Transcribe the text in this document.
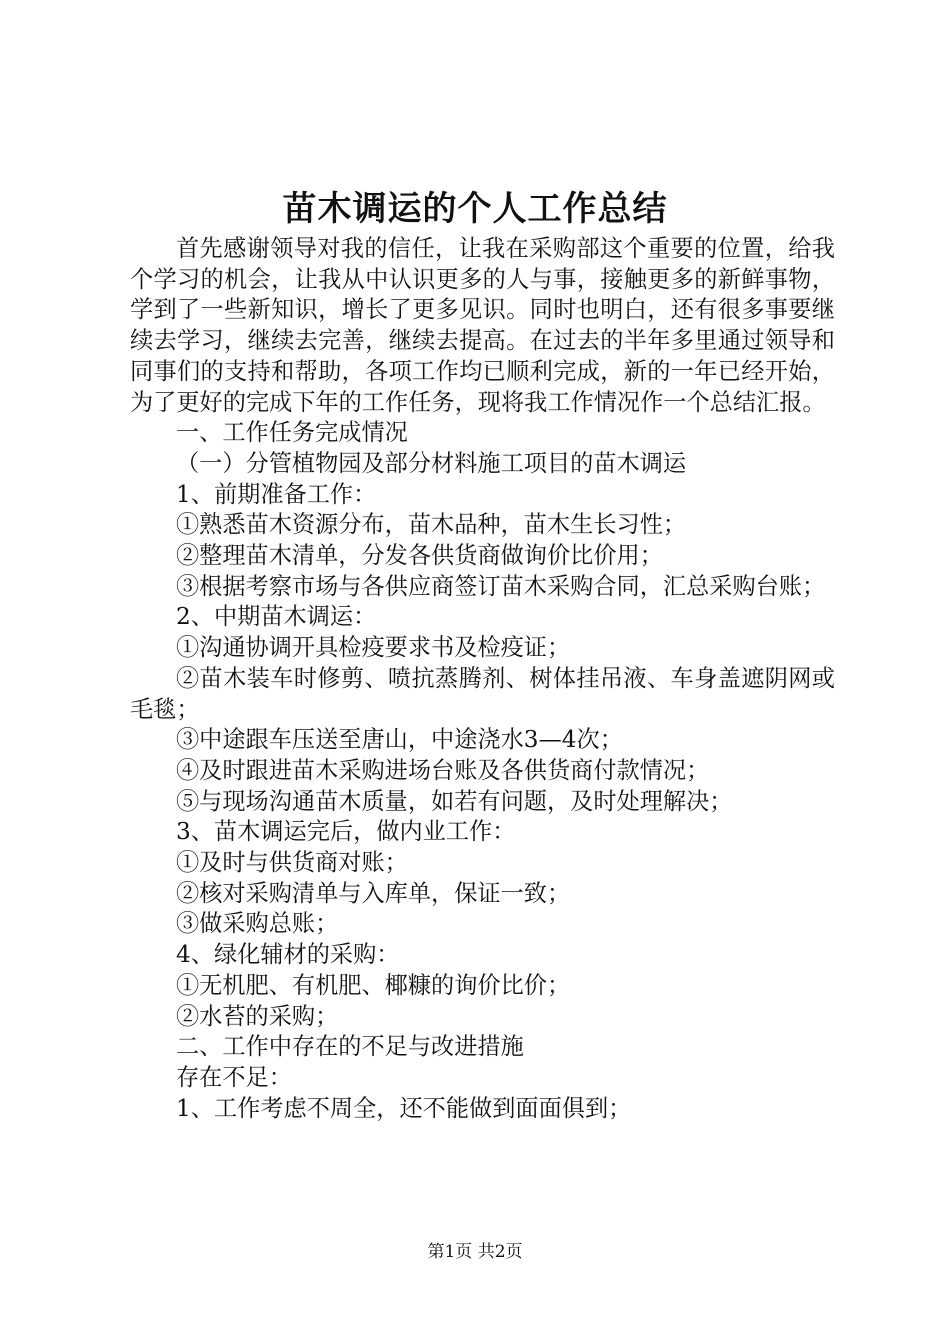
苗木调运的个人工作总结

首先感谢领导对我的信任，让我在采购部这个重要的位置，给我个学习的机会，让我从中认识更多的人与事，接触更多的新鲜事物，学到了一些新知识，增长了更多见识。同时也明白，还有很多事要继续去学习，继续去完善，继续去提高。在过去的半年多里通过领导和同事们的支持和帮助，各项工作均已顺利完成，新的一年已经开始，为了更好的完成下年的工作任务，现将我工作情况作一个总结汇报。

一、工作任务完成情况

（一）分管植物园及部分材料施工项目的苗木调运

1、前期准备工作：

①熟悉苗木资源分布，苗木品种，苗木生长习性；

②整理苗木清单，分发各供货商做询价比价用；

③根据考察市场与各供应商签订苗木采购合同，汇总采购台账；

2、中期苗木调运：

①沟通协调开具检疫要求书及检疫证；

②苗木装车时修剪、喷抗蒸腾剂、树体挂吊液、车身盖遮阴网或毛毯；

③中途跟车压送至唐山，中途浇水3—4次；

④及时跟进苗木采购进场台账及各供货商付款情况；

⑤与现场沟通苗木质量，如若有问题，及时处理解决；

3、苗木调运完后，做内业工作：

①及时与供货商对账；

②核对采购清单与入库单，保证一致；

③做采购总账；

4、绿化辅材的采购：

①无机肥、有机肥、椰糠的询价比价；

②水苔的采购；

二、工作中存在的不足与改进措施

存在不足：

1、工作考虑不周全，还不能做到面面俱到；

第1页 共2页
